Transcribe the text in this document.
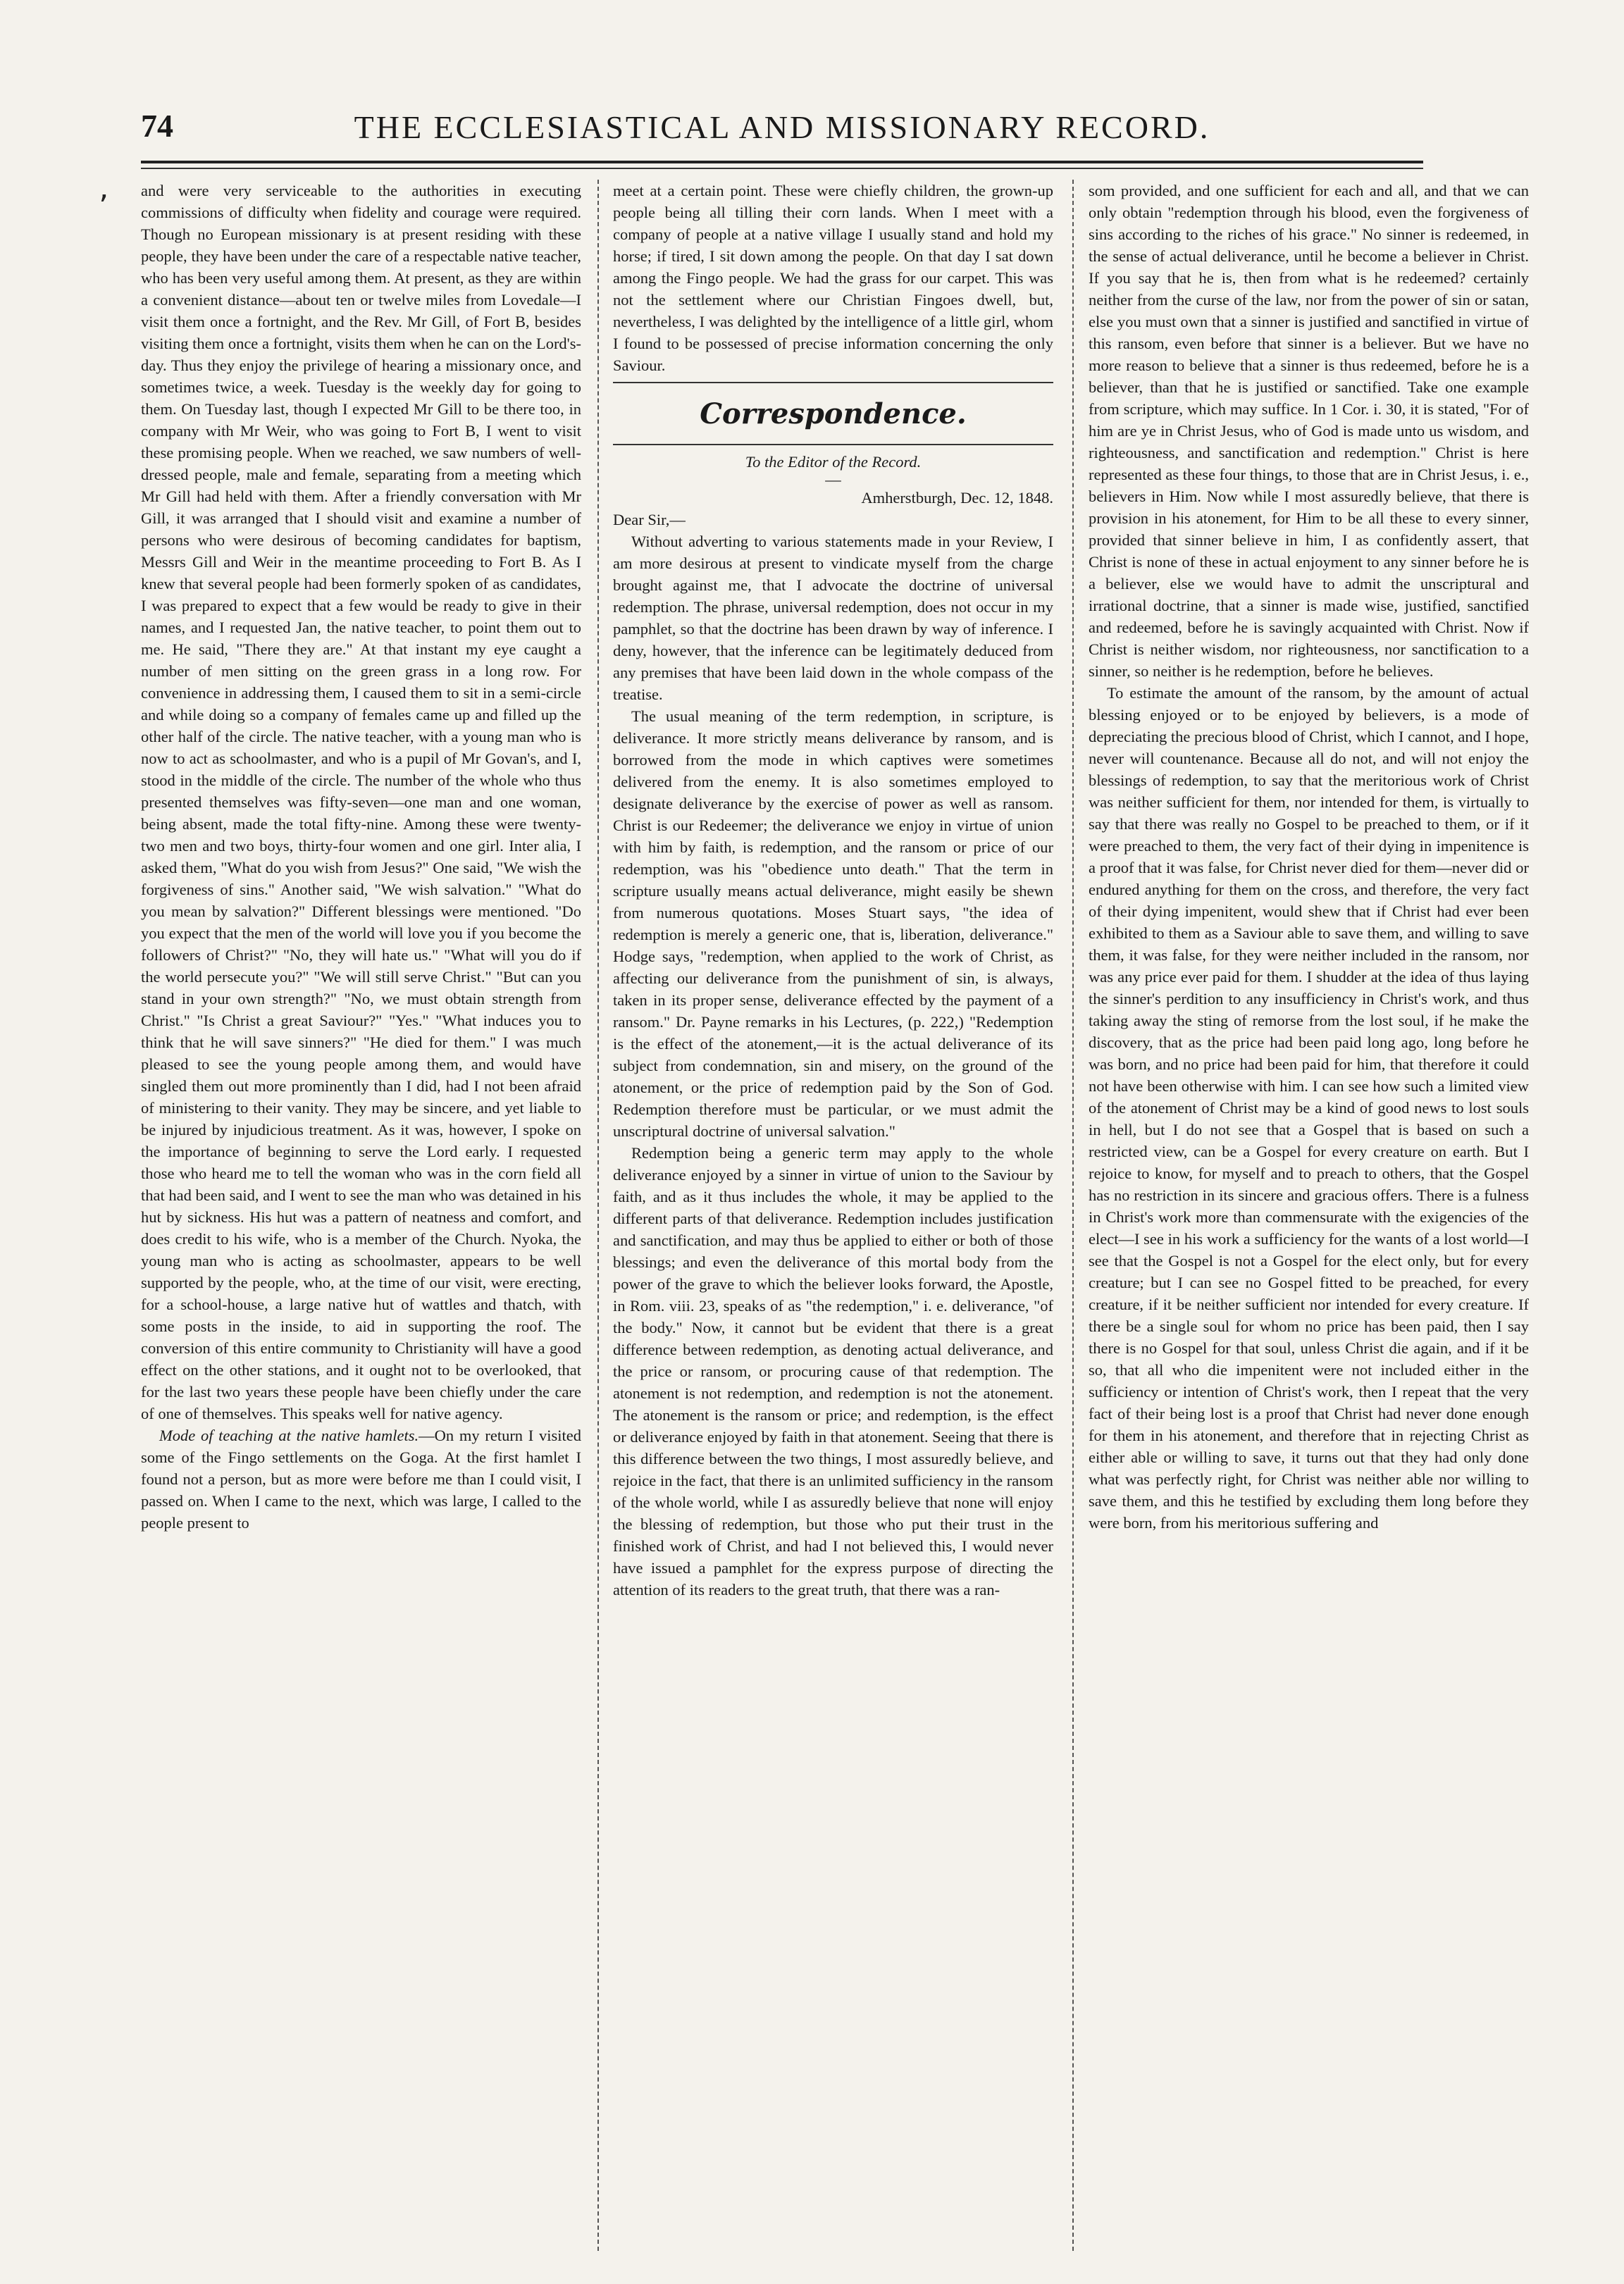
74	THE ECCLESIASTICAL AND MISSIONARY RECORD.
ʼ and were very serviceable to the authorities in executing commissions of difficulty when fidelity and courage were required. Though no European missionary is at present residing with these people, they have been under the care of a respectable native teacher, who has been very useful among them. At present, as they are within a convenient distance—about ten or twelve miles from Lovedale—I visit them once a fortnight, and the Rev. Mr Gill, of Fort B, besides visiting them once a fortnight, visits them when he can on the Lord's-day. Thus they enjoy the privilege of hearing a missionary once, and sometimes twice, a week. Tuesday is the weekly day for going to them. On Tuesday last, though I expected Mr Gill to be there too, in company with Mr Weir, who was going to Fort B, I went to visit these promising people. When we reached, we saw numbers of well-dressed people, male and female, separating from a meeting which Mr Gill had held with them. After a friendly conversation with Mr Gill, it was arranged that I should visit and examine a number of persons who were desirous of becoming candidates for baptism, Messrs Gill and Weir in the meantime proceeding to Fort B. As I knew that several people had been formerly spoken of as candidates, I was prepared to expect that a few would be ready to give in their names, and I requested Jan, the native teacher, to point them out to me. He said, "There they are." At that instant my eye caught a number of men sitting on the green grass in a long row. For convenience in addressing them, I caused them to sit in a semi-circle and while doing so a company of females came up and filled up the other half of the circle. The native teacher, with a young man who is now to act as schoolmaster, and who is a pupil of Mr Govan's, and I, stood in the middle of the circle. The number of the whole who thus presented themselves was fifty-seven—one man and one woman, being absent, made the total fifty-nine. Among these were twenty-two men and two boys, thirty-four women and one girl. Inter alia, I asked them, "What do you wish from Jesus?" One said, "We wish the forgiveness of sins." Another said, "We wish salvation." "What do you mean by salvation?" Different blessings were mentioned. "Do you expect that the men of the world will love you if you become the followers of Christ?" "No, they will hate us." "What will you do if the world persecute you?" "We will still serve Christ." "But can you stand in your own strength?" "No, we must obtain strength from Christ." "Is Christ a great Saviour?" "Yes." "What induces you to think that he will save sinners?" "He died for them." I was much pleased to see the young people among them, and would have singled them out more prominently than I did, had I not been afraid of ministering to their vanity. They may be sincere, and yet liable to be injured by injudicious treatment. As it was, however, I spoke on the importance of beginning to serve the Lord early. I requested those who heard me to tell the woman who was in the corn field all that had been said, and I went to see the man who was detained in his hut by sickness. His hut was a pattern of neatness and comfort, and does credit to his wife, who is a member of the Church. Nyoka, the young man who is acting as schoolmaster, appears to be well supported by the people, who, at the time of our visit, were erecting, for a school-house, a large native hut of wattles and thatch, with some posts in the inside, to aid in supporting the roof. The conversion of this entire community to Christianity will have a good effect on the other stations, and it ought not to be overlooked, that for the last two years these people have been chiefly under the care of one of themselves. This speaks well for native agency.

Mode of teaching at the native hamlets.—On my return I visited some of the Fingo settlements on the Goga. At the first hamlet I found not a person, but as more were before me than I could visit, I passed on. When I came to the next, which was large, I called to the people present to

meet at a certain point. These were chiefly children, the grown-up people being all tilling their corn lands. When I meet with a company of people at a native village I usually stand and hold my horse; if tired, I sit down among the people. On that day I sat down among the Fingo people. We had the grass for our carpet. This was not the settlement where our Christian Fingoes dwell, but, nevertheless, I was delighted by the intelligence of a little girl, whom I found to be possessed of precise information concerning the only Saviour.

Correspondence.

To the Editor of the Record.

—

Amherstburgh, Dec. 12, 1848.

Dear Sir,—

Without adverting to various statements made in your Review, I am more desirous at present to vindicate myself from the charge brought against me, that I advocate the doctrine of universal redemption. The phrase, universal redemption, does not occur in my pamphlet, so that the doctrine has been drawn by way of inference. I deny, however, that the inference can be legitimately deduced from any premises that have been laid down in the whole compass of the treatise.

The usual meaning of the term redemption, in scripture, is deliverance. It more strictly means deliverance by ransom, and is borrowed from the mode in which captives were sometimes delivered from the enemy. It is also sometimes employed to designate deliverance by the exercise of power as well as ransom. Christ is our Redeemer; the deliverance we enjoy in virtue of union with him by faith, is redemption, and the ransom or price of our redemption, was his "obedience unto death." That the term in scripture usually means actual deliverance, might easily be shewn from numerous quotations. Moses Stuart says, "the idea of redemption is merely a generic one, that is, liberation, deliverance." Hodge says, "redemption, when applied to the work of Christ, as affecting our deliverance from the punishment of sin, is always, taken in its proper sense, deliverance effected by the payment of a ransom." Dr. Payne remarks in his Lectures, (p. 222,) "Redemption is the effect of the atonement,—it is the actual deliverance of its subject from condemnation, sin and misery, on the ground of the atonement, or the price of redemption paid by the Son of God. Redemption therefore must be particular, or we must admit the unscriptural doctrine of universal salvation."

Redemption being a generic term may apply to the whole deliverance enjoyed by a sinner in virtue of union to the Saviour by faith, and as it thus includes the whole, it may be applied to the different parts of that deliverance. Redemption includes justification and sanctification, and may thus be applied to either or both of those blessings; and even the deliverance of this mortal body from the power of the grave to which the believer looks forward, the Apostle, in Rom. viii. 23, speaks of as "the redemption," i. e. deliverance, "of the body." Now, it cannot but be evident that there is a great difference between redemption, as denoting actual deliverance, and the price or ransom, or procuring cause of that redemption. The atonement is not redemption, and redemption is not the atonement. The atonement is the ransom or price; and redemption, is the effect or deliverance enjoyed by faith in that atonement. Seeing that there is this difference between the two things, I most assuredly believe, and rejoice in the fact, that there is an unlimited sufficiency in the ransom of the whole world, while I as assuredly believe that none will enjoy the blessing of redemption, but those who put their trust in the finished work of Christ, and had I not believed this, I would never have issued a pamphlet for the express purpose of directing the attention of its readers to the great truth, that there was a ran-

som provided, and one sufficient for each and all, and that we can only obtain "redemption through his blood, even the forgiveness of sins according to the riches of his grace." No sinner is redeemed, in the sense of actual deliverance, until he become a believer in Christ. If you say that he is, then from what is he redeemed? certainly neither from the curse of the law, nor from the power of sin or satan, else you must own that a sinner is justified and sanctified in virtue of this ransom, even before that sinner is a believer. But we have no more reason to believe that a sinner is thus redeemed, before he is a believer, than that he is justified or sanctified. Take one example from scripture, which may suffice. In 1 Cor. i. 30, it is stated, "For of him are ye in Christ Jesus, who of God is made unto us wisdom, and righteousness, and sanctification and redemption." Christ is here represented as these four things, to those that are in Christ Jesus, i. e., believers in Him. Now while I most assuredly believe, that there is provision in his atonement, for Him to be all these to every sinner, provided that sinner believe in him, I as confidently assert, that Christ is none of these in actual enjoyment to any sinner before he is a believer, else we would have to admit the unscriptural and irrational doctrine, that a sinner is made wise, justified, sanctified and redeemed, before he is savingly acquainted with Christ. Now if Christ is neither wisdom, nor righteousness, nor sanctification to a sinner, so neither is he redemption, before he believes.

To estimate the amount of the ransom, by the amount of actual blessing enjoyed or to be enjoyed by believers, is a mode of depreciating the precious blood of Christ, which I cannot, and I hope, never will countenance. Because all do not, and will not enjoy the blessings of redemption, to say that the meritorious work of Christ was neither sufficient for them, nor intended for them, is virtually to say that there was really no Gospel to be preached to them, or if it were preached to them, the very fact of their dying in impenitence is a proof that it was false, for Christ never died for them—never did or endured anything for them on the cross, and therefore, the very fact of their dying impenitent, would shew that if Christ had ever been exhibited to them as a Saviour able to save them, and willing to save them, it was false, for they were neither included in the ransom, nor was any price ever paid for them. I shudder at the idea of thus laying the sinner's perdition to any insufficiency in Christ's work, and thus taking away the sting of remorse from the lost soul, if he make the discovery, that as the price had been paid long ago, long before he was born, and no price had been paid for him, that therefore it could not have been otherwise with him. I can see how such a limited view of the atonement of Christ may be a kind of good news to lost souls in hell, but I do not see that a Gospel that is based on such a restricted view, can be a Gospel for every creature on earth. But I rejoice to know, for myself and to preach to others, that the Gospel has no restriction in its sincere and gracious offers. There is a fulness in Christ's work more than commensurate with the exigencies of the elect—I see in his work a sufficiency for the wants of a lost world—I see that the Gospel is not a Gospel for the elect only, but for every creature; but I can see no Gospel fitted to be preached, for every creature, if it be neither sufficient nor intended for every creature. If there be a single soul for whom no price has been paid, then I say there is no Gospel for that soul, unless Christ die again, and if it be so, that all who die impenitent were not included either in the sufficiency or intention of Christ's work, then I repeat that the very fact of their being lost is a proof that Christ had never done enough for them in his atonement, and therefore that in rejecting Christ as either able or willing to save, it turns out that they had only done what was perfectly right, for Christ was neither able nor willing to save them, and this he testified by excluding them long before they were born, from his meritorious suffering and
